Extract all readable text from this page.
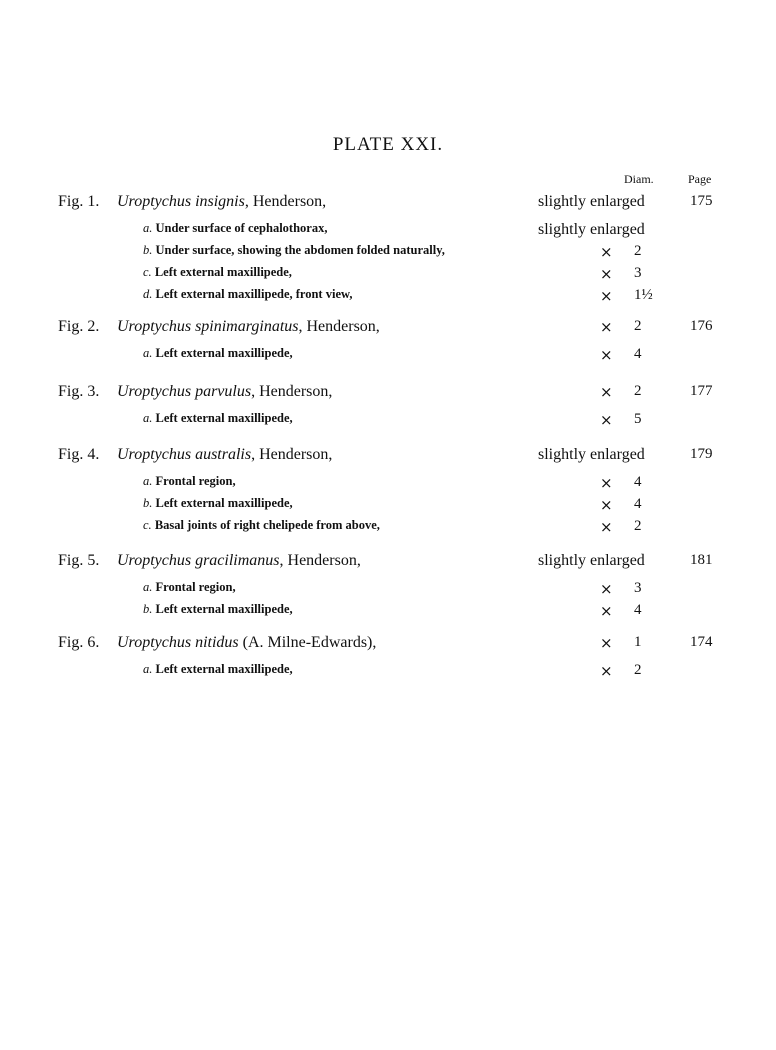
PLATE XXI.
Diam.	Page
Fig. 1. Uroptychus insignis, Henderson,	slightly enlarged	175
a. Under surface of cephalothorax,	slightly enlarged
b. Under surface, showing the abdomen folded naturally,	× 2
c. Left external maxillipede,	× 3
d. Left external maxillipede, front view,	× 1½
Fig. 2. Uroptychus spinimarginatus, Henderson,	× 2	176
a. Left external maxillipede,	× 4
Fig. 3. Uroptychus parvulus, Henderson,	× 2	177
a. Left external maxillipede,	× 5
Fig. 4. Uroptychus australis, Henderson,	slightly enlarged	179
a. Frontal region,	× 4
b. Left external maxillipede,	× 4
c. Basal joints of right chelipede from above,	× 2
Fig. 5. Uroptychus gracilimanus, Henderson,	slightly enlarged	181
a. Frontal region,	× 3
b. Left external maxillipede,	× 4
Fig. 6. Uroptychus nitidus (A. Milne-Edwards),	× 1	174
a. Left external maxillipede,	× 2
